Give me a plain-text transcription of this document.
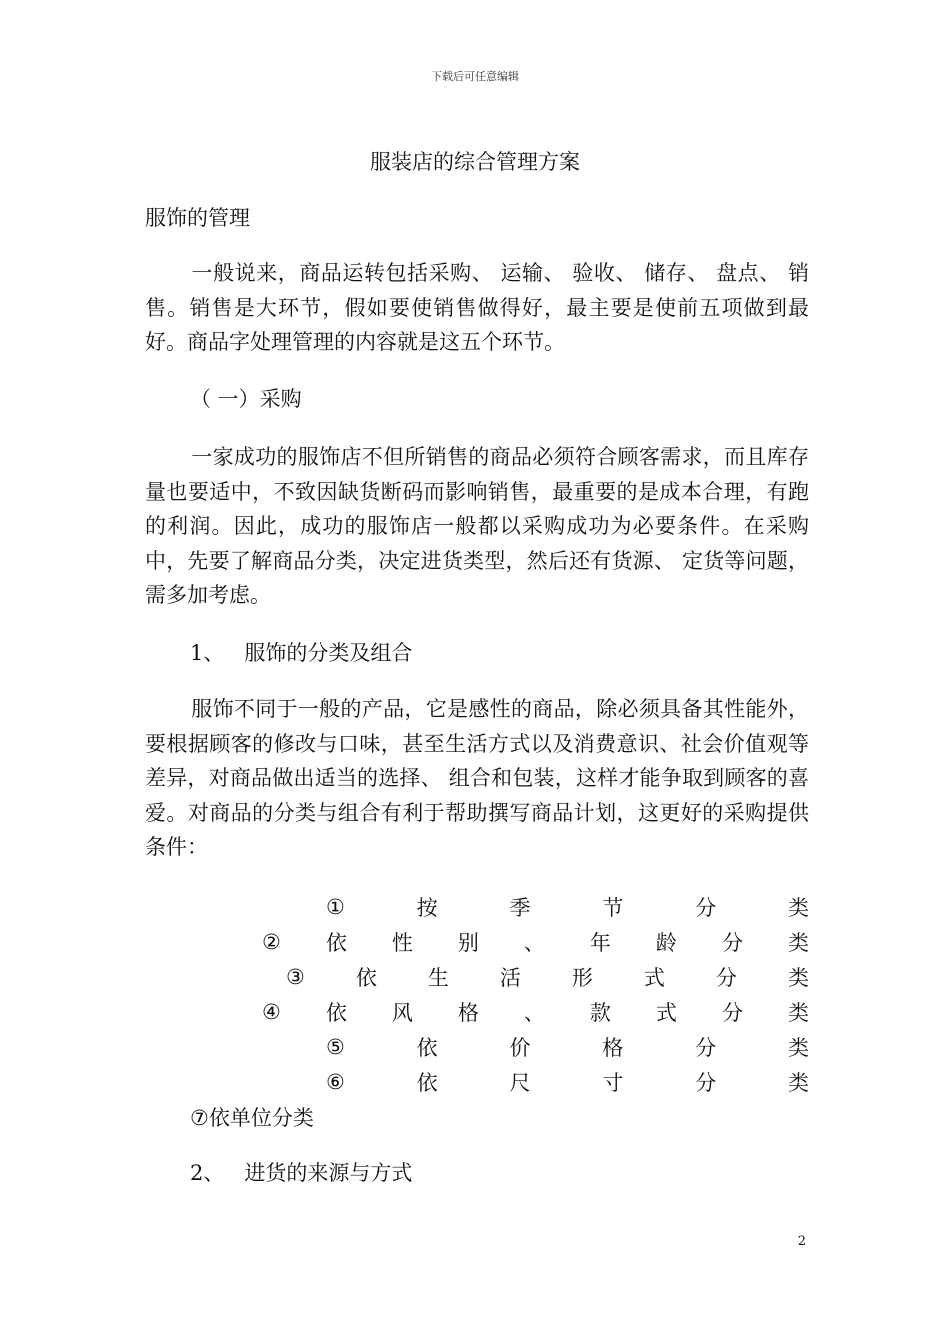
下载后可任意编辑
服装店的综合管理方案
服饰的管理

一般说来，商品运转包括采购、 运输、 验收、 储存、 盘点、 销售。销售是大环节，假如要使销售做得好，最主要是使前五项做到最好。商品字处理管理的内容就是这五个环节。

（ 一）采购

一家成功的服饰店不但所销售的商品必须符合顾客需求，而且库存量也要适中，不致因缺货断码而影响销售，最重要的是成本合理，有跑的利润。因此，成功的服饰店一般都以采购成功为必要条件。在采购中，先要了解商品分类，决定进货类型，然后还有货源、 定货等问题，需多加考虑。

1、 服饰的分类及组合

服饰不同于一般的产品，它是感性的商品，除必须具备其性能外，要根据顾客的修改与口味，甚至生活方式以及消费意识、社会价值观等差异，对商品做出适当的选择、 组合和包装，这样才能争取到顾客的喜爱。对商品的分类与组合有利于帮助撰写商品计划，这更好的采购提供条件：

①	按	季	节	分	类
② 依 性 别 、 年 龄 分 类
③ 依 生 活 形 式 分 类
④ 依 风 格 、 款 式 分 类
⑤	依	价	格	分	类
⑥	依	尺	寸	分	类
⑦依单位分类
2、 进货的来源与方式
2
